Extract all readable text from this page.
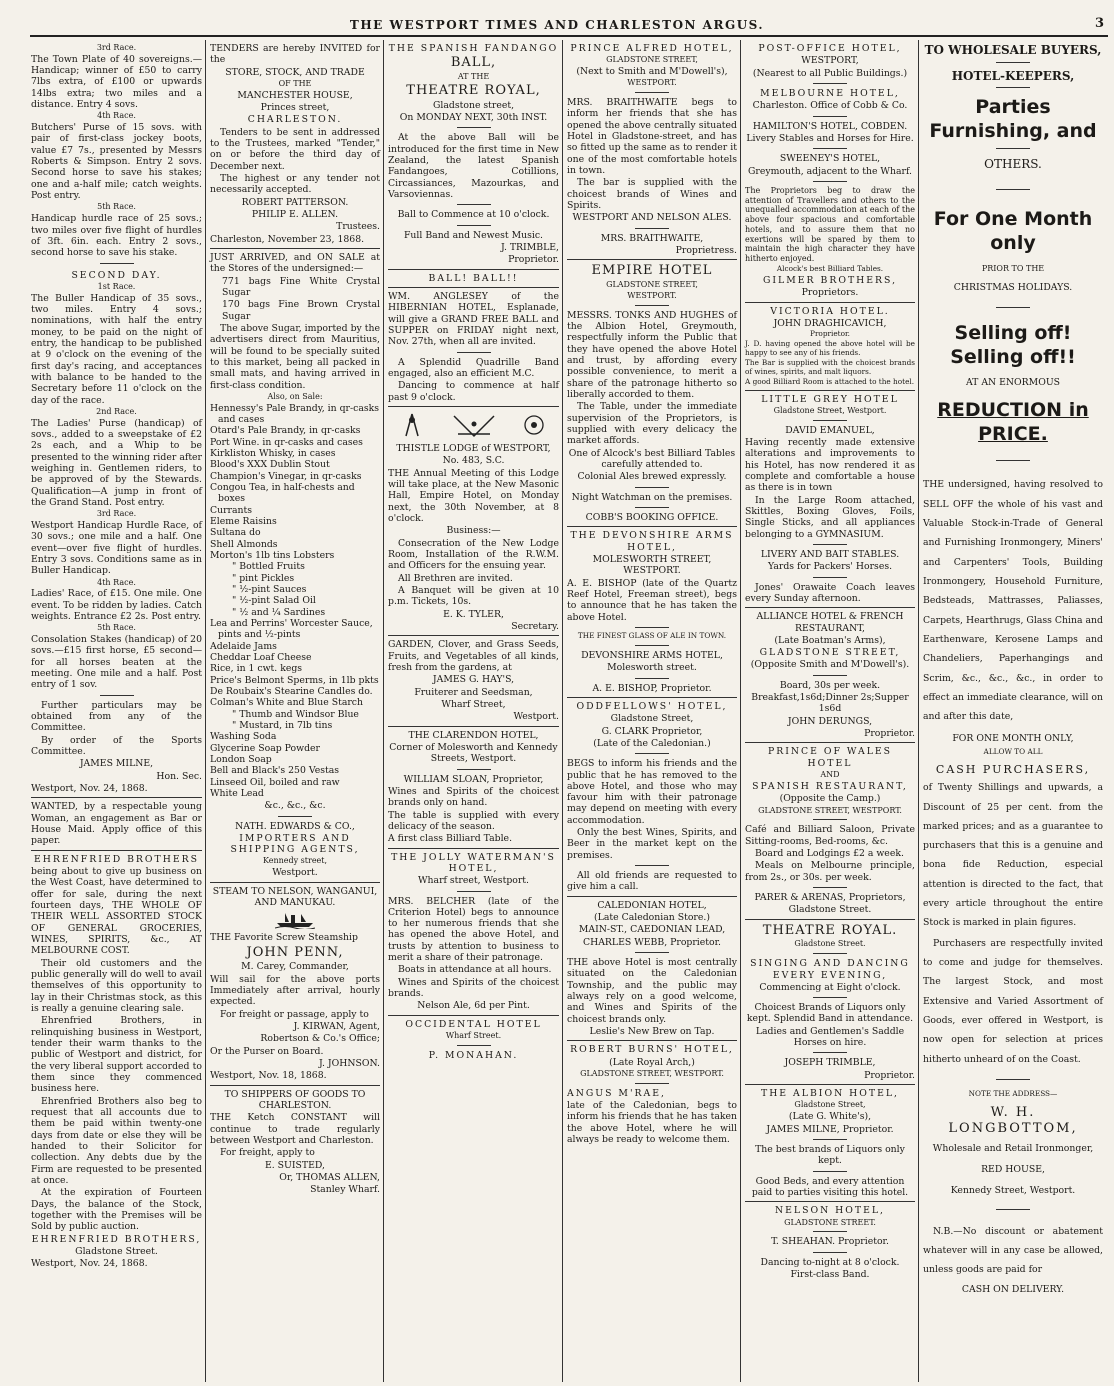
THE WESTPORT TIMES AND CHARLESTON ARGUS.	3

3rd Race.

The Town Plate of 40 sovereigns.—Handicap; winner of £50 to carry 7lbs extra, of £100 or upwards 14lbs extra; two miles and a distance. Entry 4 sovs.

4th Race.

Butchers' Purse of 15 sovs. with pair of first-class jockey boots, value £7 7s., presented by Messrs Roberts & Simpson. Entry 2 sovs. Second horse to save his stakes; one and a-half mile; catch weights. Post entry.

5th Race.

Handicap hurdle race of 25 sovs.; two miles over five flight of hurdles of 3ft. 6in. each. Entry 2 sovs., second horse to save his stake.

SECOND DAY.

1st Race.

The Buller Handicap of 35 sovs., two miles. Entry 4 sovs.; nominations, with half the entry money, to be paid on the night of entry, the handicap to be published at 9 o'clock on the evening of the first day's racing, and acceptances with balance to be handed to the Secretary before 11 o'clock on the day of the race.

2nd Race.

The Ladies' Purse (handicap) of sovs., added to a sweepstake of £2 2s each, and a Whip to be presented to the winning rider after weighing in. Gentlemen riders, to be approved of by the Stewards. Qualification—A jump in front of the Grand Stand. Post entry.

3rd Race.

Westport Handicap Hurdle Race, of 30 sovs.; one mile and a half. One event—over five flight of hurdles. Entry 3 sovs. Conditions same as in Buller Handicap.

4th Race.

Ladies' Race, of £15. One mile. One event. To be ridden by ladies. Catch weights. Entrance £2 2s. Post entry.

5th Race.

Consolation Stakes (handicap) of 20 sovs.—£15 first horse, £5 second—for all horses beaten at the meeting. One mile and a half. Post entry of 1 sov.

Further particulars may be obtained from any of the Committee.

By order of the Sports Committee.

JAMES MILNE,

Hon. Sec.

Westport, Nov. 24, 1868.

WANTED, by a respectable young Woman, an engagement as Bar or House Maid. Apply office of this paper.

EHRENFRIED BROTHERS

being about to give up business on the West Coast, have determined to offer for sale, during the next fourteen days, THE WHOLE OF THEIR WELL ASSORTED STOCK OF GENERAL GROCERIES, WINES, SPIRITS, &c., AT MELBOURNE COST.

Their old customers and the public generally will do well to avail themselves of this opportunity to lay in their Christmas stock, as this is really a genuine clearing sale.

Ehrenfried Brothers, in relinquishing business in Westport, tender their warm thanks to the public of Westport and district, for the very liberal support accorded to them since they commenced business here.

Ehrenfried Brothers also beg to request that all accounts due to them be paid within twenty-one days from date or else they will be handed to their Solicitor for collection. Any debts due by the Firm are requested to be presented at once.

At the expiration of Fourteen Days, the balance of the Stock, together with the Premises will be Sold by public auction.

EHRENFRIED BROTHERS,

Gladstone Street.

Westport, Nov. 24, 1868.

TENDERS are hereby INVITED for the

STORE, STOCK, AND TRADE

OF THE

MANCHESTER HOUSE,

Princes street,

CHARLESTON.

Tenders to be sent in addressed to the Trustees, marked "Tender," on or before the third day of December next.

The highest or any tender not necessarily accepted.

ROBERT PATTERSON.

PHILIP E. ALLEN.

Trustees.

Charleston, November 23, 1868.

JUST ARRIVED, and ON SALE at the Stores of the undersigned:—

771 bags Fine White Crystal Sugar

170 bags Fine Brown Crystal Sugar

The above Sugar, imported by the advertisers direct from Mauritius, will be found to be specially suited to this market, being all packed in small mats, and having arrived in first-class condition.

Also, on Sale:

Hennessy's Pale Brandy, in qr-casks and cases
Otard's Pale Brandy, in qr-casks
Port Wine. in qr-casks and cases
Kirkliston Whisky, in cases
Blood's XXX Dublin Stout
Champion's Vinegar, in qr-casks
Congou Tea, in half-chests and boxes
Currants
Eleme Raisins
Sultana do
Shell Almonds
Morton's 1lb tins Lobsters
" Bottled Fruits
" pint Pickles
" ½-pint Sauces
" ½-pint Salad Oil
" ½ and ¼ Sardines
Lea and Perrins' Worcester Sauce, pints and ½-pints
Adelaide Jams
Cheddar Loaf Cheese
Rice, in 1 cwt. kegs
Price's Belmont Sperms, in 1lb pkts
De Roubaix's Stearine Candles do.
Colman's White and Blue Starch
" Thumb and Windsor Blue
" Mustard, in 7lb tins
Washing Soda
Glycerine Soap Powder
London Soap
Bell and Black's 250 Vestas
Linseed Oil, boiled and raw
White Lead

&c., &c., &c.

NATH. EDWARDS & CO.,

IMPORTERS AND SHIPPING AGENTS,

Kennedy street,

Westport.

STEAM TO NELSON, WANGANUI, AND MANUKAU.

THE Favorite Screw Steamship

JOHN PENN,

M. Carey, Commander,

Will sail for the above ports Immediately after arrival, hourly expected.

For freight or passage, apply to

J. KIRWAN, Agent,

Robertson & Co.'s Office;

Or the Purser on Board.

J. JOHNSON.

Westport, Nov. 18, 1868.

TO SHIPPERS OF GOODS TO CHARLESTON.

THE Ketch CONSTANT will continue to trade regularly between Westport and Charleston.

For freight, apply to

E. SUISTED,

Or, THOMAS ALLEN,

Stanley Wharf.

THE SPANISH FANDANGO

BALL,

AT THE

THEATRE ROYAL,

Gladstone street,

On MONDAY NEXT, 30th INST.

At the above Ball will be introduced for the first time in New Zealand, the latest Spanish Fandangoes, Cotillions, Circassiances, Mazourkas, and Varsoviennas.

Ball to Commence at 10 o'clock.

Full Band and Newest Music.

J. TRIMBLE,

Proprietor.

BALL! BALL!!

WM. ANGLESEY of the HIBERNIAN HOTEL, Esplanade, will give a GRAND FREE BALL and SUPPER on FRIDAY night next, Nov. 27th, when all are invited.

A Splendid Quadrille Band engaged, also an efficient M.C.

Dancing to commence at half past 9 o'clock.

THISTLE LODGE of WESTPORT,

No. 483, S.C.

THE Annual Meeting of this Lodge will take place, at the New Masonic Hall, Empire Hotel, on Monday next, the 30th November, at 8 o'clock.

Business:—

Consecration of the New Lodge Room, Installation of the R.W.M. and Officers for the ensuing year.

All Brethren are invited.

A Banquet will be given at 10 p.m. Tickets, 10s.

E. K. TYLER,

Secretary.

GARDEN, Clover, and Grass Seeds, Fruits, and Vegetables of all kinds, fresh from the gardens, at

JAMES G. HAY'S,

Fruiterer and Seedsman,

Wharf Street,

Westport.

THE CLARENDON HOTEL,

Corner of Molesworth and Kennedy Streets, Westport.

WILLIAM SLOAN, Proprietor,

Wines and Spirits of the choicest brands only on hand.

The table is supplied with every delicacy of the season.

A first class Billiard Table.

THE JOLLY WATERMAN'S HOTEL,

Wharf street, Westport.

MRS. BELCHER (late of the Criterion Hotel) begs to announce to her numerous friends that she has opened the above Hotel, and trusts by attention to business to merit a share of their patronage.

Boats in attendance at all hours.

Wines and Spirits of the choicest brands.

Nelson Ale, 6d per Pint.

OCCIDENTAL HOTEL

Wharf Street.

P. MONAHAN.

PRINCE ALFRED HOTEL,

GLADSTONE STREET,

(Next to Smith and M'Dowell's),

WESTPORT.

MRS. BRAITHWAITE begs to inform her friends that she has opened the above centrally situated Hotel in Gladstone-street, and has so fitted up the same as to render it one of the most comfortable hotels in town.

The bar is supplied with the choicest brands of Wines and Spirits.

WESTPORT AND NELSON ALES.

MRS. BRAITHWAITE,

Proprietress.

EMPIRE HOTEL

GLADSTONE STREET,

WESTPORT.

MESSRS. TONKS AND HUGHES of the Albion Hotel, Greymouth, respectfully inform the Public that they have opened the above Hotel and trust, by affording every possible convenience, to merit a share of the patronage hitherto so liberally accorded to them.

The Table, under the immediate supervision of the Proprietors, is supplied with every delicacy the market affords.

One of Alcock's best Billiard Tables carefully attended to.

Colonial Ales brewed expressly.

Night Watchman on the premises.

COBB'S BOOKING OFFICE.

THE DEVONSHIRE ARMS HOTEL,

MOLESWORTH STREET, WESTPORT.

A. E. BISHOP (late of the Quartz Reef Hotel, Freeman street), begs to announce that he has taken the above Hotel.

THE FINEST GLASS OF ALE IN TOWN.

DEVONSHIRE ARMS HOTEL,

Molesworth street.

A. E. BISHOP, Proprietor.

ODDFELLOWS' HOTEL,

Gladstone Street,

G. CLARK Proprietor,

(Late of the Caledonian.)

BEGS to inform his friends and the public that he has removed to the above Hotel, and those who may favour him with their patronage may depend on meeting with every accommodation.

Only the best Wines, Spirits, and Beer in the market kept on the premises.

All old friends are requested to give him a call.

CALEDONIAN HOTEL,

(Late Caledonian Store.)

MAIN-ST., CAEDONIAN LEAD,

CHARLES WEBB, Proprietor.

THE above Hotel is most centrally situated on the Caledonian Township, and the public may always rely on a good welcome, and Wines and Spirits of the choicest brands only.

Leslie's New Brew on Tap.

ROBERT BURNS' HOTEL,

(Late Royal Arch,)

GLADSTONE STREET, WESTPORT.

ANGUS M'RAE,

late of the Caledonian, begs to inform his friends that he has taken the above Hotel, where he will always be ready to welcome them.

POST-OFFICE HOTEL,

WESTPORT,

(Nearest to all Public Buildings.)

MELBOURNE HOTEL,

Charleston. Office of Cobb & Co.

HAMILTON'S HOTEL, COBDEN.

Livery Stables and Horses for Hire.

SWEENEY'S HOTEL,

Greymouth, adjacent to the Wharf.

The Proprietors beg to draw the attention of Travellers and others to the unequalled accommodation at each of the above four spacious and comfortable hotels, and to assure them that no exertions will be spared by them to maintain the high character they have hitherto enjoyed.

Alcock's best Billiard Tables.

GILMER BROTHERS,

Proprietors.

VICTORIA HOTEL.

JOHN DRAGHICAVICH,

Proprietor.

J. D. having opened the above hotel will be happy to see any of his friends.

The Bar is supplied with the choicest brands of wines, spirits, and malt liquors.

A good Billiard Room is attached to the hotel.

LITTLE GREY HOTEL

Gladstone Street, Westport.

DAVID EMANUEL,

Having recently made extensive alterations and improvements to his Hotel, has now rendered it as complete and comfortable a house as there is in town

In the Large Room attached, Skittles, Boxing Gloves, Foils, Single Sticks, and all appliances belonging to a GYMNASIUM.

LIVERY AND BAIT STABLES.

Yards for Packers' Horses.

Jones' Orawaite Coach leaves every Sunday afternoon.

ALLIANCE HOTEL & FRENCH RESTAURANT,

(Late Boatman's Arms),

GLADSTONE STREET,

(Opposite Smith and M'Dowell's).

Board, 30s per week.

Breakfast,1s6d;Dinner 2s;Supper 1s6d

JOHN DERUNGS,

Proprietor.

PRINCE OF WALES HOTEL

AND

SPANISH RESTAURANT,

(Opposite the Camp.)

GLADSTONE STREET, WESTPORT.

Café and Billiard Saloon, Private Sitting-rooms, Bed-rooms, &c.

Board and Lodgings £2 a week.

Meals on Melbourne principle, from 2s., or 30s. per week.

PARER & ARENAS, Proprietors,

Gladstone Street.

THEATRE ROYAL.

Gladstone Street.

SINGING AND DANCING EVERY EVENING,

Commencing at Eight o'clock.

Choicest Brands of Liquors only kept. Splendid Band in attendance.

Ladies and Gentlemen's Saddle Horses on hire.

JOSEPH TRIMBLE,

Proprietor.

THE ALBION HOTEL,

Gladstone Street,

(Late G. White's),

JAMES MILNE, Proprietor.

The best brands of Liquors only kept.

Good Beds, and every attention paid to parties visiting this hotel.

NELSON HOTEL,

GLADSTONE STREET.

T. SHEAHAN. Proprietor.

Dancing to-night at 8 o'clock.

First-class Band.

TO WHOLESALE BUYERS,

HOTEL-KEEPERS,

Parties Furnishing, and

OTHERS.

For One Month only

PRIOR TO THE

CHRISTMAS HOLIDAYS.

Selling off! Selling off!!

AT AN ENORMOUS

REDUCTION in PRICE.

THE undersigned, having resolved to SELL OFF the whole of his vast and Valuable Stock-in-Trade of General and Furnishing Ironmongery, Miners' and Carpenters' Tools, Building Ironmongery, Household Furniture, Bedsteads, Mattrasses, Paliasses, Carpets, Hearthrugs, Glass China and Earthenware, Kerosene Lamps and Chandeliers, Paperhangings and Scrim, &c., &c., &c., in order to effect an immediate clearance, will on and after this date,

FOR ONE MONTH ONLY,

ALLOW TO ALL

CASH PURCHASERS,

of Twenty Shillings and upwards, a Discount of 25 per cent. from the marked prices; and as a guarantee to purchasers that this is a genuine and bona fide Reduction, especial attention is directed to the fact, that every article throughout the entire Stock is marked in plain figures.

Purchasers are respectfully invited to come and judge for themselves. The largest Stock, and most Extensive and Varied Assortment of Goods, ever offered in Westport, is now open for selection at prices hitherto unheard of on the Coast.

NOTE THE ADDRESS—

W. H. LONGBOTTOM,

Wholesale and Retail Ironmonger,

RED HOUSE,

Kennedy Street, Westport.

N.B.—No discount or abatement whatever will in any case be allowed, unless goods are paid for

CASH ON DELIVERY.
